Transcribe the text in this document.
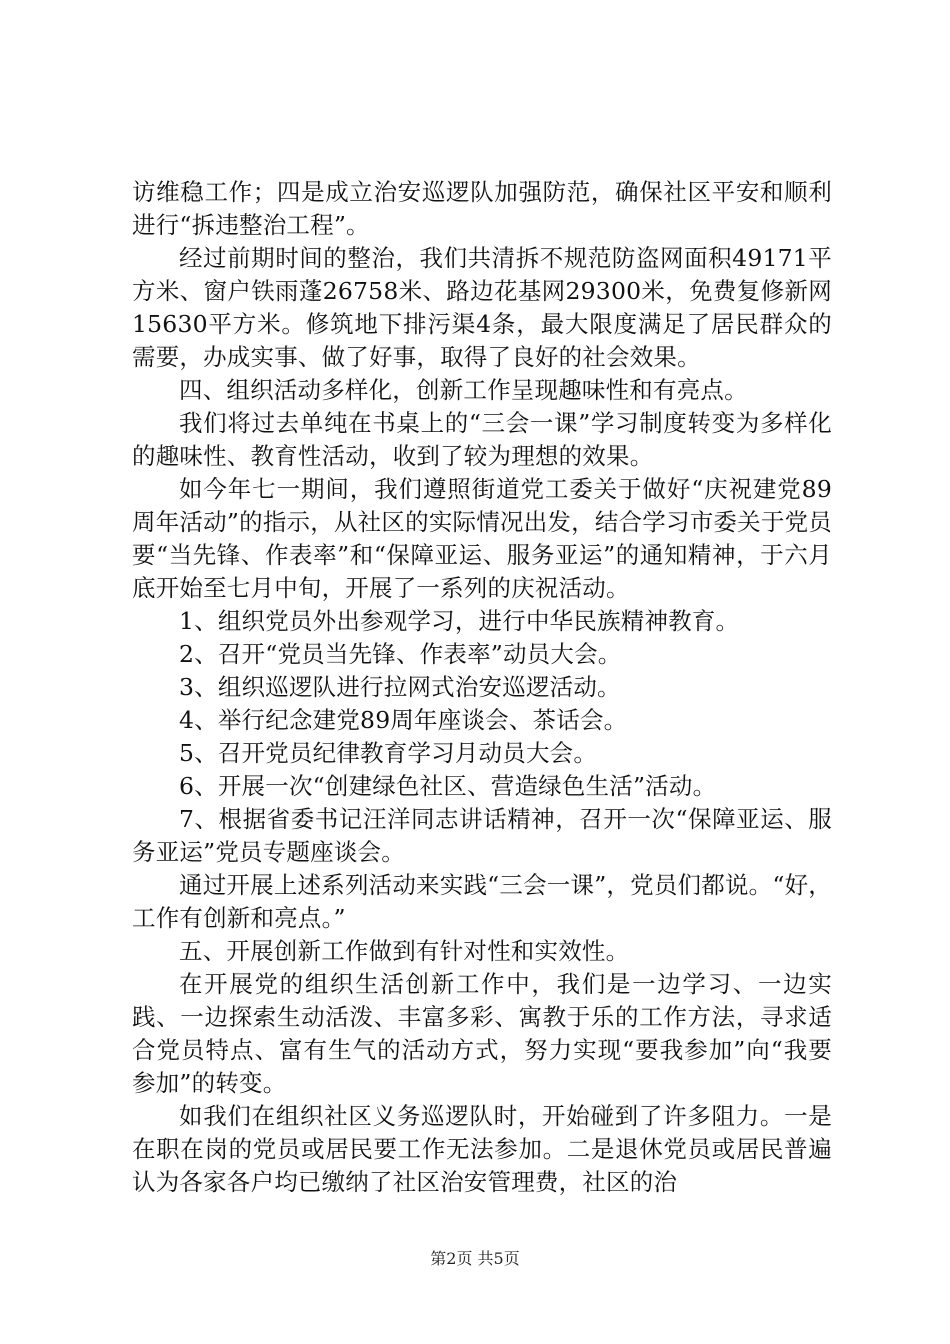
访维稳工作；四是成立治安巡逻队加强防范，确保社区平安和顺利进行“拆违整治工程”。

经过前期时间的整治，我们共清拆不规范防盗网面积49171平方米、窗户铁雨蓬26758米、路边花基网29300米，免费复修新网15630平方米。修筑地下排污渠4条，最大限度满足了居民群众的需要，办成实事、做了好事，取得了良好的社会效果。

四、组织活动多样化，创新工作呈现趣味性和有亮点。

我们将过去单纯在书桌上的“三会一课”学习制度转变为多样化的趣味性、教育性活动，收到了较为理想的效果。

如今年七一期间，我们遵照街道党工委关于做好“庆祝建党89周年活动”的指示，从社区的实际情况出发，结合学习市委关于党员要“当先锋、作表率”和“保障亚运、服务亚运”的通知精神，于六月底开始至七月中旬，开展了一系列的庆祝活动。

1、组织党员外出参观学习，进行中华民族精神教育。

2、召开“党员当先锋、作表率”动员大会。

3、组织巡逻队进行拉网式治安巡逻活动。

4、举行纪念建党89周年座谈会、茶话会。

5、召开党员纪律教育学习月动员大会。

6、开展一次“创建绿色社区、营造绿色生活”活动。

7、根据省委书记汪洋同志讲话精神，召开一次“保障亚运、服务亚运”党员专题座谈会。

通过开展上述系列活动来实践“三会一课”，党员们都说。“好，工作有创新和亮点。”

五、开展创新工作做到有针对性和实效性。

在开展党的组织生活创新工作中，我们是一边学习、一边实践、一边探索生动活泼、丰富多彩、寓教于乐的工作方法，寻求适合党员特点、富有生气的活动方式，努力实现“要我参加”向“我要参加”的转变。

如我们在组织社区义务巡逻队时，开始碰到了许多阻力。一是在职在岗的党员或居民要工作无法参加。二是退休党员或居民普遍认为各家各户均已缴纳了社区治安管理费，社区的治

第2页 共5页
